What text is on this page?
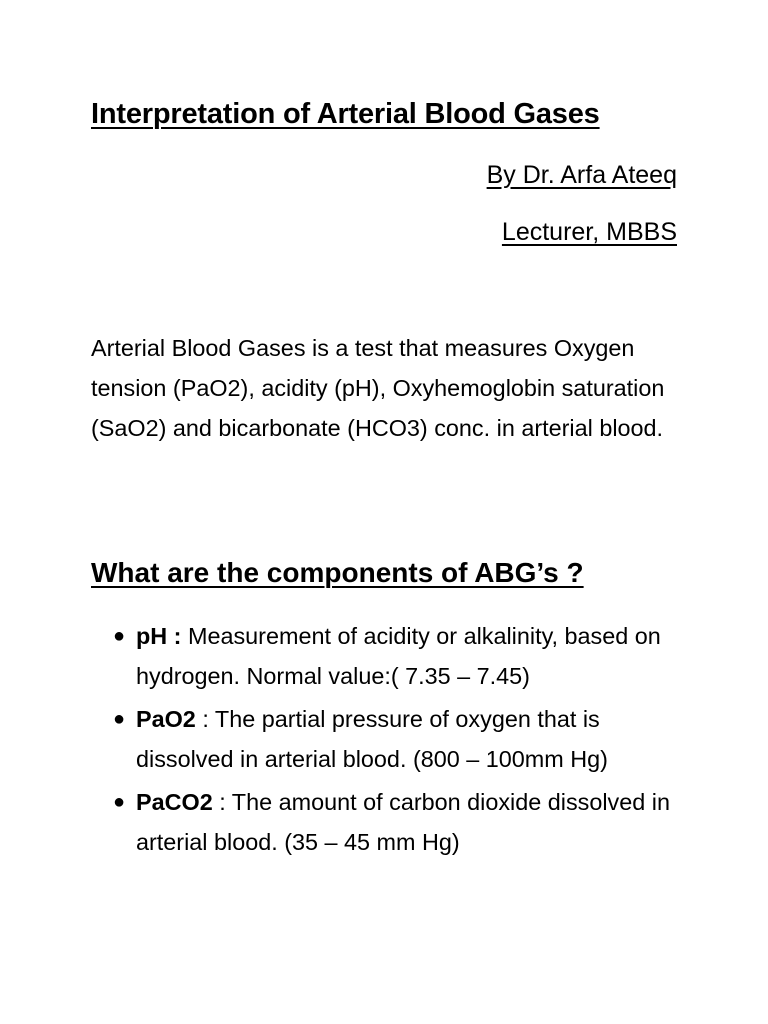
Interpretation of Arterial Blood Gases

By Dr. Arfa Ateeq

Lecturer, MBBS

Arterial Blood Gases is a test that measures Oxygen tension (PaO2), acidity (pH), Oxyhemoglobin saturation (SaO2) and bicarbonate (HCO3) conc. in arterial blood.

What are the components of ABG’s ?
● pH : Measurement of acidity or alkalinity, based on hydrogen. Normal value:( 7.35 – 7.45)
● PaO2 : The partial pressure of oxygen that is dissolved in arterial blood. (800 – 100mm Hg)
● PaCO2 : The amount of carbon dioxide dissolved in arterial blood. (35 – 45 mm Hg)
